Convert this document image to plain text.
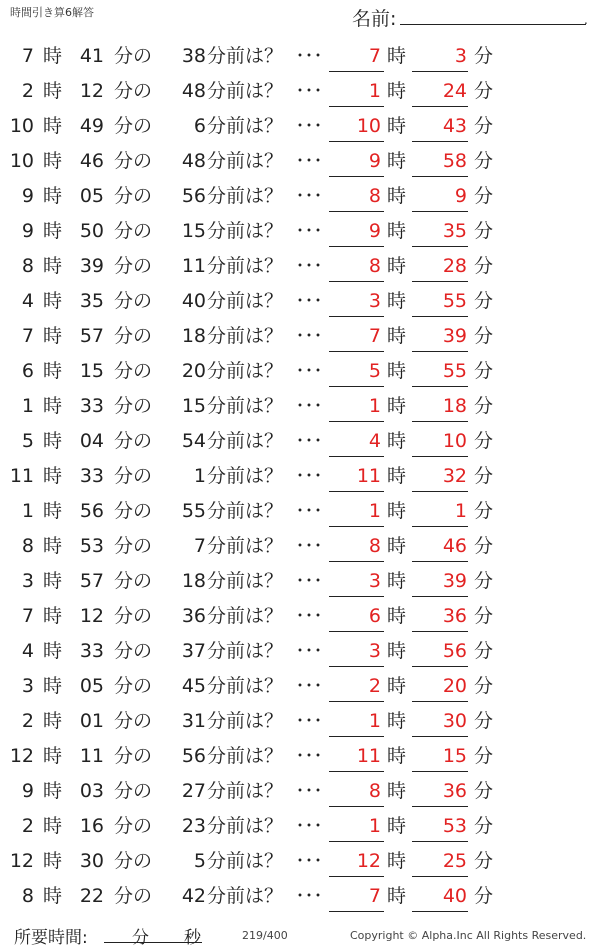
時間引き算6解答	名前:	.
7 時 41 分の	38 分前は？ ･･･	7 時	3 分
2 時 12 分の	48 分前は？ ･･･	1 時	24 分
10 時 49 分の	6 分前は？ ･･･	10 時	43 分
10 時 46 分の	48 分前は？ ･･･	9 時	58 分
9 時 05 分の	56 分前は？ ･･･	8 時	9 分
9 時 50 分の	15 分前は？ ･･･	9 時	35 分
8 時 39 分の	11 分前は？ ･･･	8 時	28 分
4 時 35 分の	40 分前は？ ･･･	3 時	55 分
7 時 57 分の	18 分前は？ ･･･	7 時	39 分
6 時 15 分の	20 分前は？ ･･･	5 時	55 分
1 時 33 分の	15 分前は？ ･･･	1 時	18 分
5 時 04 分の	54 分前は？ ･･･	4 時	10 分
11 時 33 分の	1 分前は？ ･･･	11 時	32 分
1 時 56 分の	55 分前は？ ･･･	1 時	1 分
8 時 53 分の	7 分前は？ ･･･	8 時	46 分
3 時 57 分の	18 分前は？ ･･･	3 時	39 分
7 時 12 分の	36 分前は？ ･･･	6 時	36 分
4 時 33 分の	37 分前は？ ･･･	3 時	56 分
3 時 05 分の	45 分前は？ ･･･	2 時	20 分
2 時 01 分の	31 分前は？ ･･･	1 時	30 分
12 時 11 分の	56 分前は？ ･･･	11 時	15 分
9 時 03 分の	27 分前は？ ･･･	8 時	36 分
2 時 16 分の	23 分前は？ ･･･	1 時	53 分
12 時 30 分の	5 分前は？ ･･･	12 時	25 分
8 時 22 分の	42 分前は？ ･･･	7 時	40 分
所要時間:	分 秒	219/400	Copyright © Alpha.Inc All Rights Reserved.
